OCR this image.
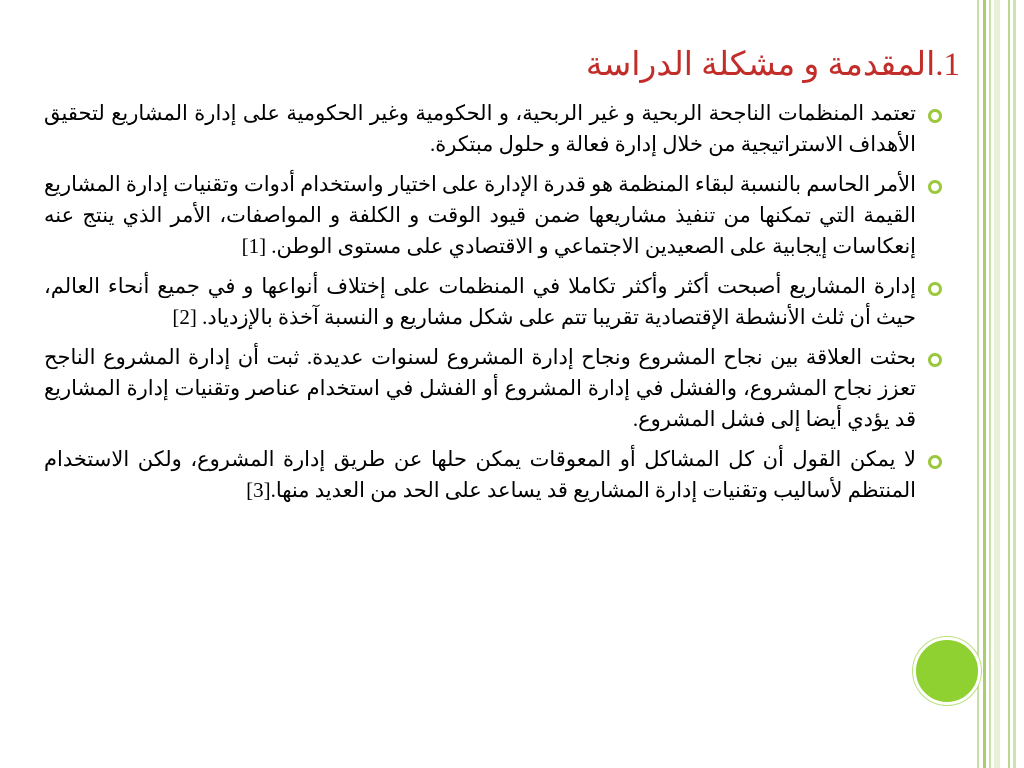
1.المقدمة و مشكلة الدراسة

تعتمد المنظمات الناجحة الربحية و غير الربحية، و الحكومية وغير الحكومية على إدارة المشاريع لتحقيق الأهداف الاستراتيجية من خلال إدارة فعالة و حلول مبتكرة.

الأمر الحاسم بالنسبة لبقاء المنظمة هو قدرة الإدارة على اختيار واستخدام أدوات وتقنيات إدارة المشاريع القيمة التي تمكنها من تنفيذ مشاريعها ضمن قيود الوقت و الكلفة و المواصفات، الأمر الذي ينتج عنه إنعكاسات إيجابية على الصعيدين الاجتماعي و الاقتصادي على مستوى الوطن. [1]

إدارة المشاريع أصبحت أكثر وأكثر تكاملا في المنظمات على إختلاف أنواعها و في جميع أنحاء العالم، حيث أن ثلث الأنشطة الإقتصادية تقريبا تتم على شكل مشاريع و النسبة آخذة بالإزدياد. [2]

بحثت العلاقة بين نجاح المشروع ونجاح إدارة المشروع لسنوات عديدة. ثبت أن إدارة المشروع الناجح تعزز نجاح المشروع، والفشل في إدارة المشروع أو الفشل في استخدام عناصر وتقنيات إدارة المشاريع قد يؤدي أيضا إلى فشل المشروع.

لا يمكن القول أن كل المشاكل أو المعوقات يمكن حلها عن طريق إدارة المشروع، ولكن الاستخدام المنتظم لأساليب وتقنيات إدارة المشاريع قد يساعد على الحد من العديد منها.[3]
